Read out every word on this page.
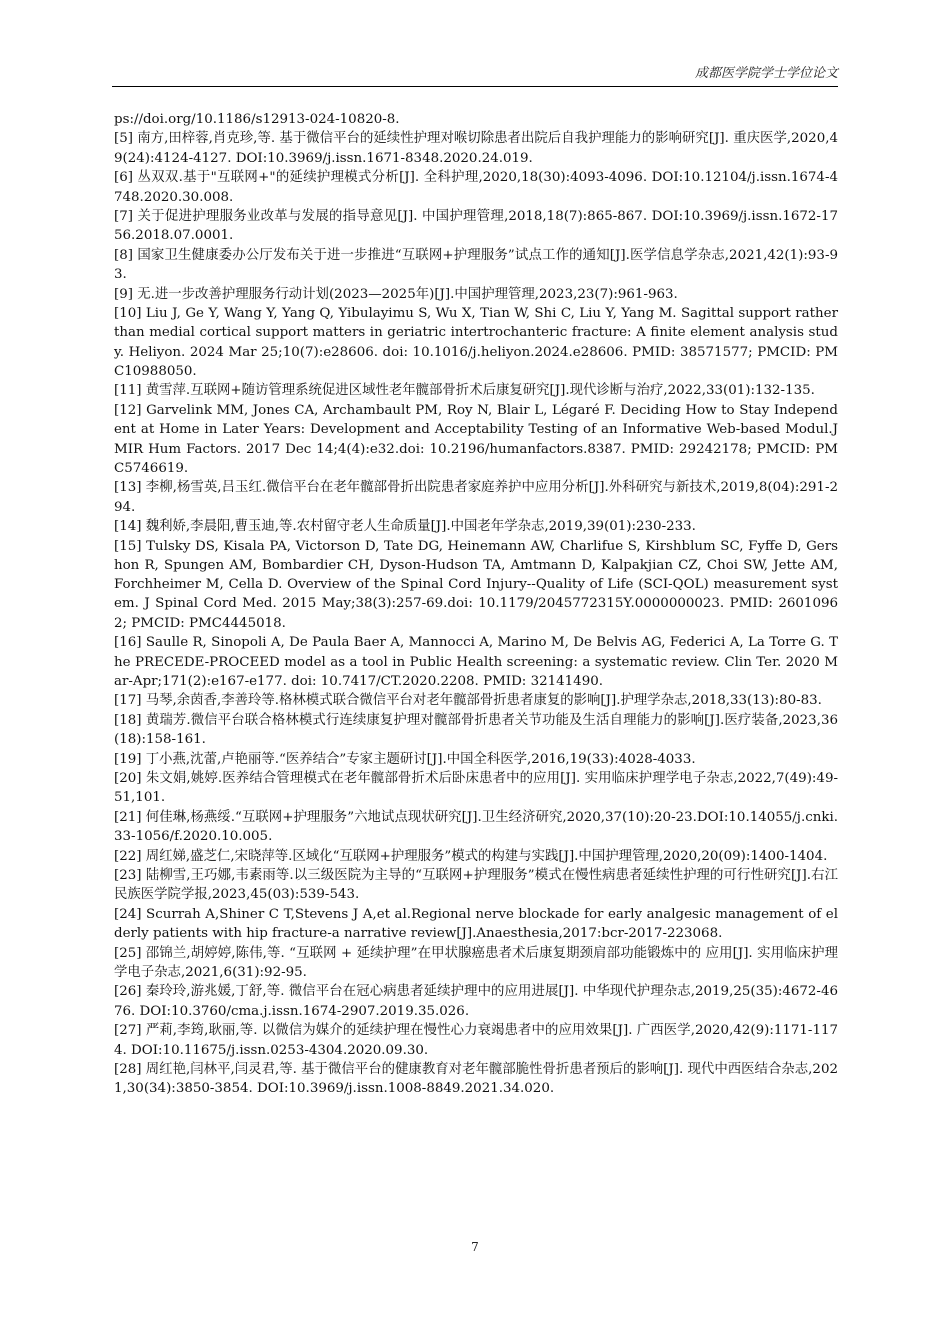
成都医学院学士学位论文

ps://doi.org/10.1186/s12913-024-10820-8.

[5] 南方,田梓蓉,肖克珍,等. 基于微信平台的延续性护理对喉切除患者出院后自我护理能力的影响研究[J]. 重庆医学,2020,49(24):4124-4127. DOI:10.3969/j.issn.1671-8348.2020.24.019.

[6] 丛双双.基于"互联网+"的延续护理模式分析[J]. 全科护理,2020,18(30):4093-4096. DOI:10.12104/j.issn.1674-4748.2020.30.008.

[7] 关于促进护理服务业改革与发展的指导意见[J]. 中国护理管理,2018,18(7):865-867. DOI:10.3969/j.issn.1672-1756.2018.07.0001.

[8] 国家卫生健康委办公厅发布关于进一步推进“互联网+护理服务”试点工作的通知[J].医学信息学杂志,2021,42(1):93-93.

[9] 无.进一步改善护理服务行动计划(2023—2025年)[J].中国护理管理,2023,23(7):961-963.

[10] Liu J, Ge Y, Wang Y, Yang Q, Yibulayimu S, Wu X, Tian W, Shi C, Liu Y, Yang M. Sagittal support rather than medial cortical support matters in geriatric intertrochanteric fracture: A finite element analysis study. Heliyon. 2024 Mar 25;10(7):e28606. doi: 10.1016/j.heliyon.2024.e28606. PMID: 38571577; PMCID: PMC10988050.

[11] 黄雪萍.互联网+随访管理系统促进区域性老年髋部骨折术后康复研究[J].现代诊断与治疗,2022,33(01):132-135.

[12] Garvelink MM, Jones CA, Archambault PM, Roy N, Blair L, Légaré F. Deciding How to Stay Independent at Home in Later Years: Development and Acceptability Testing of an Informative Web-based Modul.JMIR Hum Factors. 2017 Dec 14;4(4):e32.doi: 10.2196/humanfactors.8387. PMID: 29242178; PMCID: PMC5746619.

[13] 李柳,杨雪英,吕玉红.微信平台在老年髋部骨折出院患者家庭养护中应用分析[J].外科研究与新技术,2019,8(04):291-294.

[14] 魏利娇,李晨阳,曹玉迪,等.农村留守老人生命质量[J].中国老年学杂志,2019,39(01):230-233.

[15] Tulsky DS, Kisala PA, Victorson D, Tate DG, Heinemann AW, Charlifue S, Kirshblum SC, Fyffe D, Gershon R, Spungen AM, Bombardier CH, Dyson-Hudson TA, Amtmann D, Kalpakjian CZ, Choi SW, Jette AM, Forchheimer M, Cella D. Overview of the Spinal Cord Injury--Quality of Life (SCI-QOL) measurement system. J Spinal Cord Med. 2015 May;38(3):257-69.doi: 10.1179/2045772315Y.0000000023. PMID: 26010962; PMCID: PMC4445018.

[16] Saulle R, Sinopoli A, De Paula Baer A, Mannocci A, Marino M, De Belvis AG, Federici A, La Torre G. The PRECEDE-PROCEED model as a tool in Public Health screening: a systematic review. Clin Ter. 2020 Mar-Apr;171(2):e167-e177. doi: 10.7417/CT.2020.2208. PMID: 32141490.

[17] 马琴,余茵香,李善玲等.格林模式联合微信平台对老年髋部骨折患者康复的影响[J].护理学杂志,2018,33(13):80-83.

[18] 黄瑞芳.微信平台联合格林模式行连续康复护理对髋部骨折患者关节功能及生活自理能力的影响[J].医疗装备,2023,36(18):158-161.

[19] 丁小燕,沈蕾,卢艳丽等.“医养结合”专家主题研讨[J].中国全科医学,2016,19(33):4028-4033.

[20] 朱文娟,姚婷.医养结合管理模式在老年髋部骨折术后卧床患者中的应用[J]. 实用临床护理学电子杂志,2022,7(49):49-51,101.

[21] 何佳琳,杨燕绥.“互联网+护理服务”六地试点现状研究[J].卫生经济研究,2020,37(10):20-23.DOI:10.14055/j.cnki.33-1056/f.2020.10.005.

[22] 周红娣,盛芝仁,宋晓萍等.区域化“互联网+护理服务”模式的构建与实践[J].中国护理管理,2020,20(09):1400-1404.

[23] 陆柳雪,王巧娜,韦素雨等.以三级医院为主导的“互联网+护理服务”模式在慢性病患者延续性护理的可行性研究[J].右江民族医学院学报,2023,45(03):539-543.

[24] Scurrah A,Shiner C T,Stevens J A,et al.Regional nerve blockade for early analgesic management of elderly patients with hip fracture-a narrative review[J].Anaesthesia,2017:bcr-2017-223068.

[25] 邵锦兰,胡婷婷,陈伟,等. “互联网 + 延续护理”在甲状腺癌患者术后康复期颈肩部功能锻炼中的 应用[J]. 实用临床护理学电子杂志,2021,6(31):92-95.

[26] 秦玲玲,游兆媛,丁舒,等. 微信平台在冠心病患者延续护理中的应用进展[J]. 中华现代护理杂志,2019,25(35):4672-4676. DOI:10.3760/cma.j.issn.1674-2907.2019.35.026.

[27] 严莉,李筠,耿丽,等. 以微信为媒介的延续护理在慢性心力衰竭患者中的应用效果[J]. 广西医学,2020,42(9):1171-1174. DOI:10.11675/j.issn.0253-4304.2020.09.30.

[28] 周红艳,闫林平,闫灵君,等. 基于微信平台的健康教育对老年髋部脆性骨折患者预后的影响[J]. 现代中西医结合杂志,2021,30(34):3850-3854. DOI:10.3969/j.issn.1008-8849.2021.34.020.

7
